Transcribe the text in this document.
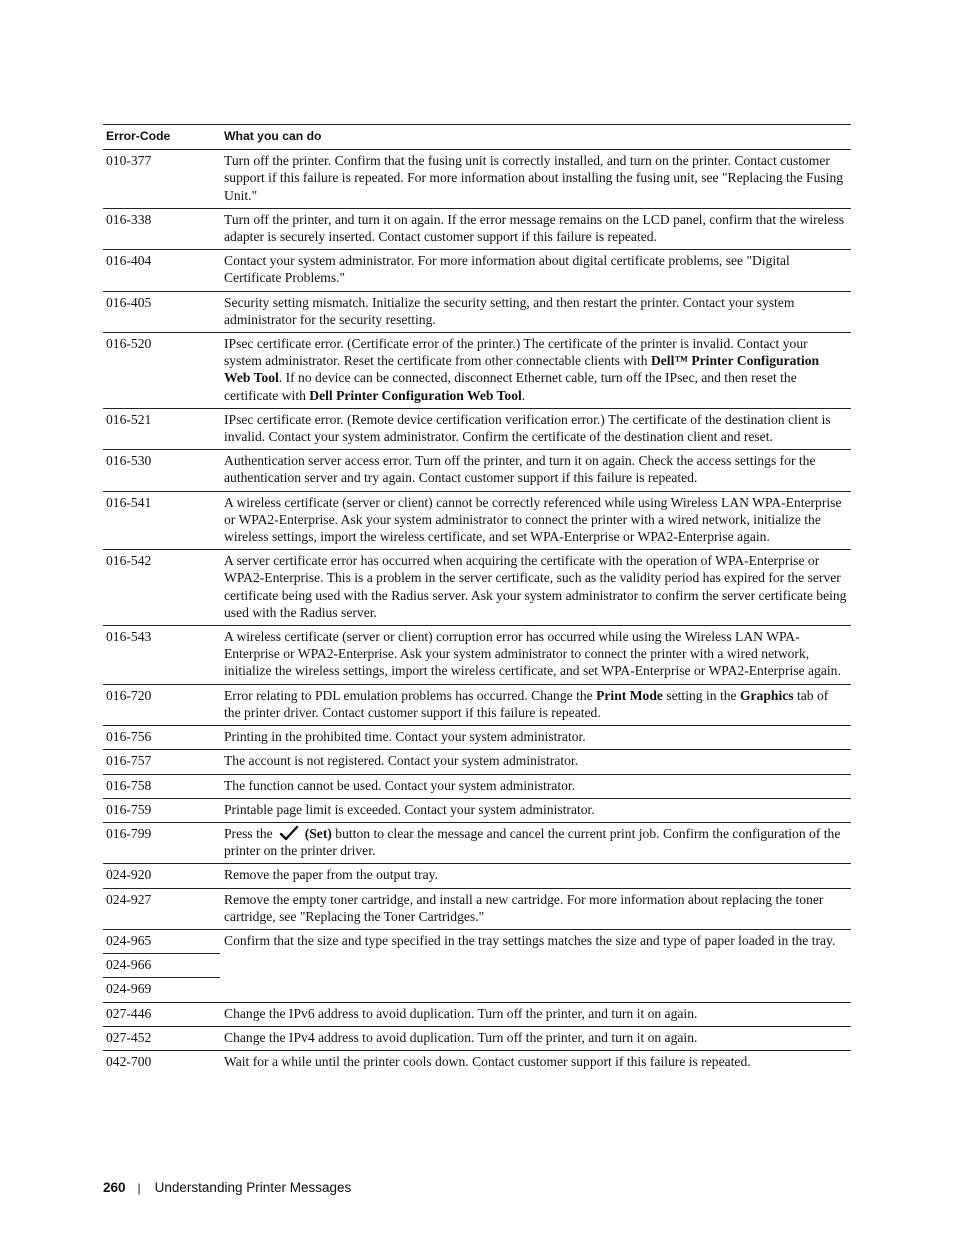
Error-Code	What you can do
010-377	Turn off the printer. Confirm that the fusing unit is correctly installed, and turn on the printer. Contact customer support if this failure is repeated. For more information about installing the fusing unit, see "Replacing the Fusing Unit."
016-338	Turn off the printer, and turn it on again. If the error message remains on the LCD panel, confirm that the wireless adapter is securely inserted. Contact customer support if this failure is repeated.
016-404	Contact your system administrator. For more information about digital certificate problems, see "Digital Certificate Problems."
016-405	Security setting mismatch. Initialize the security setting, and then restart the printer. Contact your system administrator for the security resetting.
016-520	IPsec certificate error. (Certificate error of the printer.) The certificate of the printer is invalid. Contact your system administrator. Reset the certificate from other connectable clients with Dell™ Printer Configuration Web Tool. If no device can be connected, disconnect Ethernet cable, turn off the IPsec, and then reset the certificate with Dell Printer Configuration Web Tool.
016-521	IPsec certificate error. (Remote device certification verification error.) The certificate of the destination client is invalid. Contact your system administrator. Confirm the certificate of the destination client and reset.
016-530	Authentication server access error. Turn off the printer, and turn it on again. Check the access settings for the authentication server and try again. Contact customer support if this failure is repeated.
016-541	A wireless certificate (server or client) cannot be correctly referenced while using Wireless LAN WPA-Enterprise or WPA2-Enterprise. Ask your system administrator to connect the printer with a wired network, initialize the wireless settings, import the wireless certificate, and set WPA-Enterprise or WPA2-Enterprise again.
016-542	A server certificate error has occurred when acquiring the certificate with the operation of WPA-Enterprise or WPA2-Enterprise. This is a problem in the server certificate, such as the validity period has expired for the server certificate being used with the Radius server. Ask your system administrator to confirm the server certificate being used with the Radius server.
016-543	A wireless certificate (server or client) corruption error has occurred while using the Wireless LAN WPA-Enterprise or WPA2-Enterprise. Ask your system administrator to connect the printer with a wired network, initialize the wireless settings, import the wireless certificate, and set WPA-Enterprise or WPA2-Enterprise again.
016-720	Error relating to PDL emulation problems has occurred. Change the Print Mode setting in the Graphics tab of the printer driver. Contact customer support if this failure is repeated.
016-756	Printing in the prohibited time. Contact your system administrator.
016-757	The account is not registered. Contact your system administrator.
016-758	The function cannot be used. Contact your system administrator.
016-759	Printable page limit is exceeded. Contact your system administrator.
016-799	Press the (Set) button to clear the message and cancel the current print job. Confirm the configuration of the printer on the printer driver.
024-920	Remove the paper from the output tray.
024-927	Remove the empty toner cartridge, and install a new cartridge. For more information about replacing the toner cartridge, see "Replacing the Toner Cartridges."
024-965	Confirm that the size and type specified in the tray settings matches the size and type of paper loaded in the tray.
024-966	
024-969	
027-446	Change the IPv6 address to avoid duplication. Turn off the printer, and turn it on again.
027-452	Change the IPv4 address to avoid duplication. Turn off the printer, and turn it on again.
042-700	Wait for a while until the printer cools down. Contact customer support if this failure is repeated.
260 | Understanding Printer Messages
